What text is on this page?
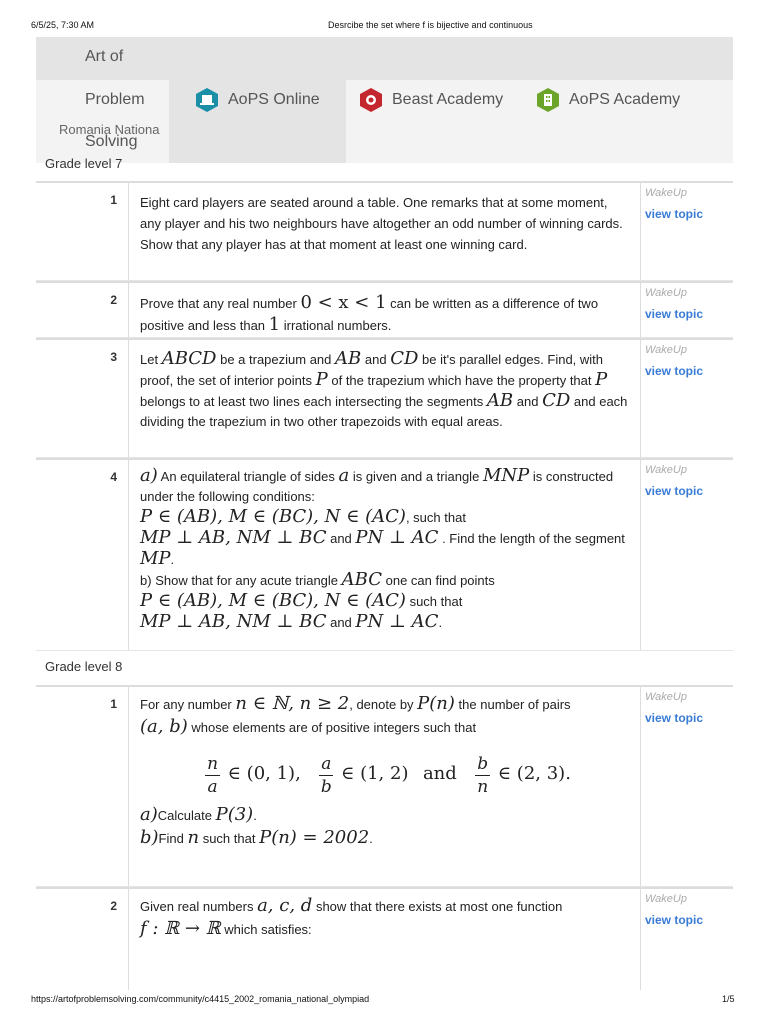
6/5/25, 7:30 AM	Desrcibe the set where f is bijective and continuous
https://artofproblemsolving.com/community/c4415_2002_romania_national_olympiad	1/5
Art of
Problem
Solving
Romania Nationa
AoPS Online	Beast Academy	AoPS Academy
Grade level 7
1 Eight card players are seated around a table. One remarks that at some moment, any player and his two neighbours have altogether an odd number of winning cards.
Show that any player has at that moment at least one winning card.
WakeUp
view topic
2 Prove that any real number 0 < x < 1 can be written as a difference of two positive and less than 1 irrational numbers.
WakeUp
view topic
3 Let ABCD be a trapezium and AB and CD be it's parallel edges. Find, with proof, the set of interior points P of the trapezium which have the property that P belongs to at least two lines each intersecting the segments AB and CD and each dividing the trapezium in two other trapezoids with equal areas.
WakeUp
view topic
4 a) An equilateral triangle of sides a is given and a triangle MNP is constructed under the following conditions:
P ∈ (AB), M ∈ (BC), N ∈ (AC), such that
MP ⊥ AB, NM ⊥ BC and PN ⊥ AC . Find the length of the segment MP.
b) Show that for any acute triangle ABC one can find points
P ∈ (AB), M ∈ (BC), N ∈ (AC) such that
MP ⊥ AB, NM ⊥ BC and PN ⊥ AC.
WakeUp
view topic
Grade level 8
1 For any number n ∈ ℕ, n ≥ 2, denote by P(n) the number of pairs
(a, b) whose elements are of positive integers such that
$\frac{n}{a}$ ∈ (0, 1), $\frac{a}{b}$ ∈ (1, 2) and $\frac{b}{n}$ ∈ (2, 3).
a)Calculate P(3).
b)Find n such that P(n) = 2002.
WakeUp
view topic
2 Given real numbers a, c, d show that there exists at most one function
f : ℝ → ℝ which satisfies:
WakeUp
view topic
